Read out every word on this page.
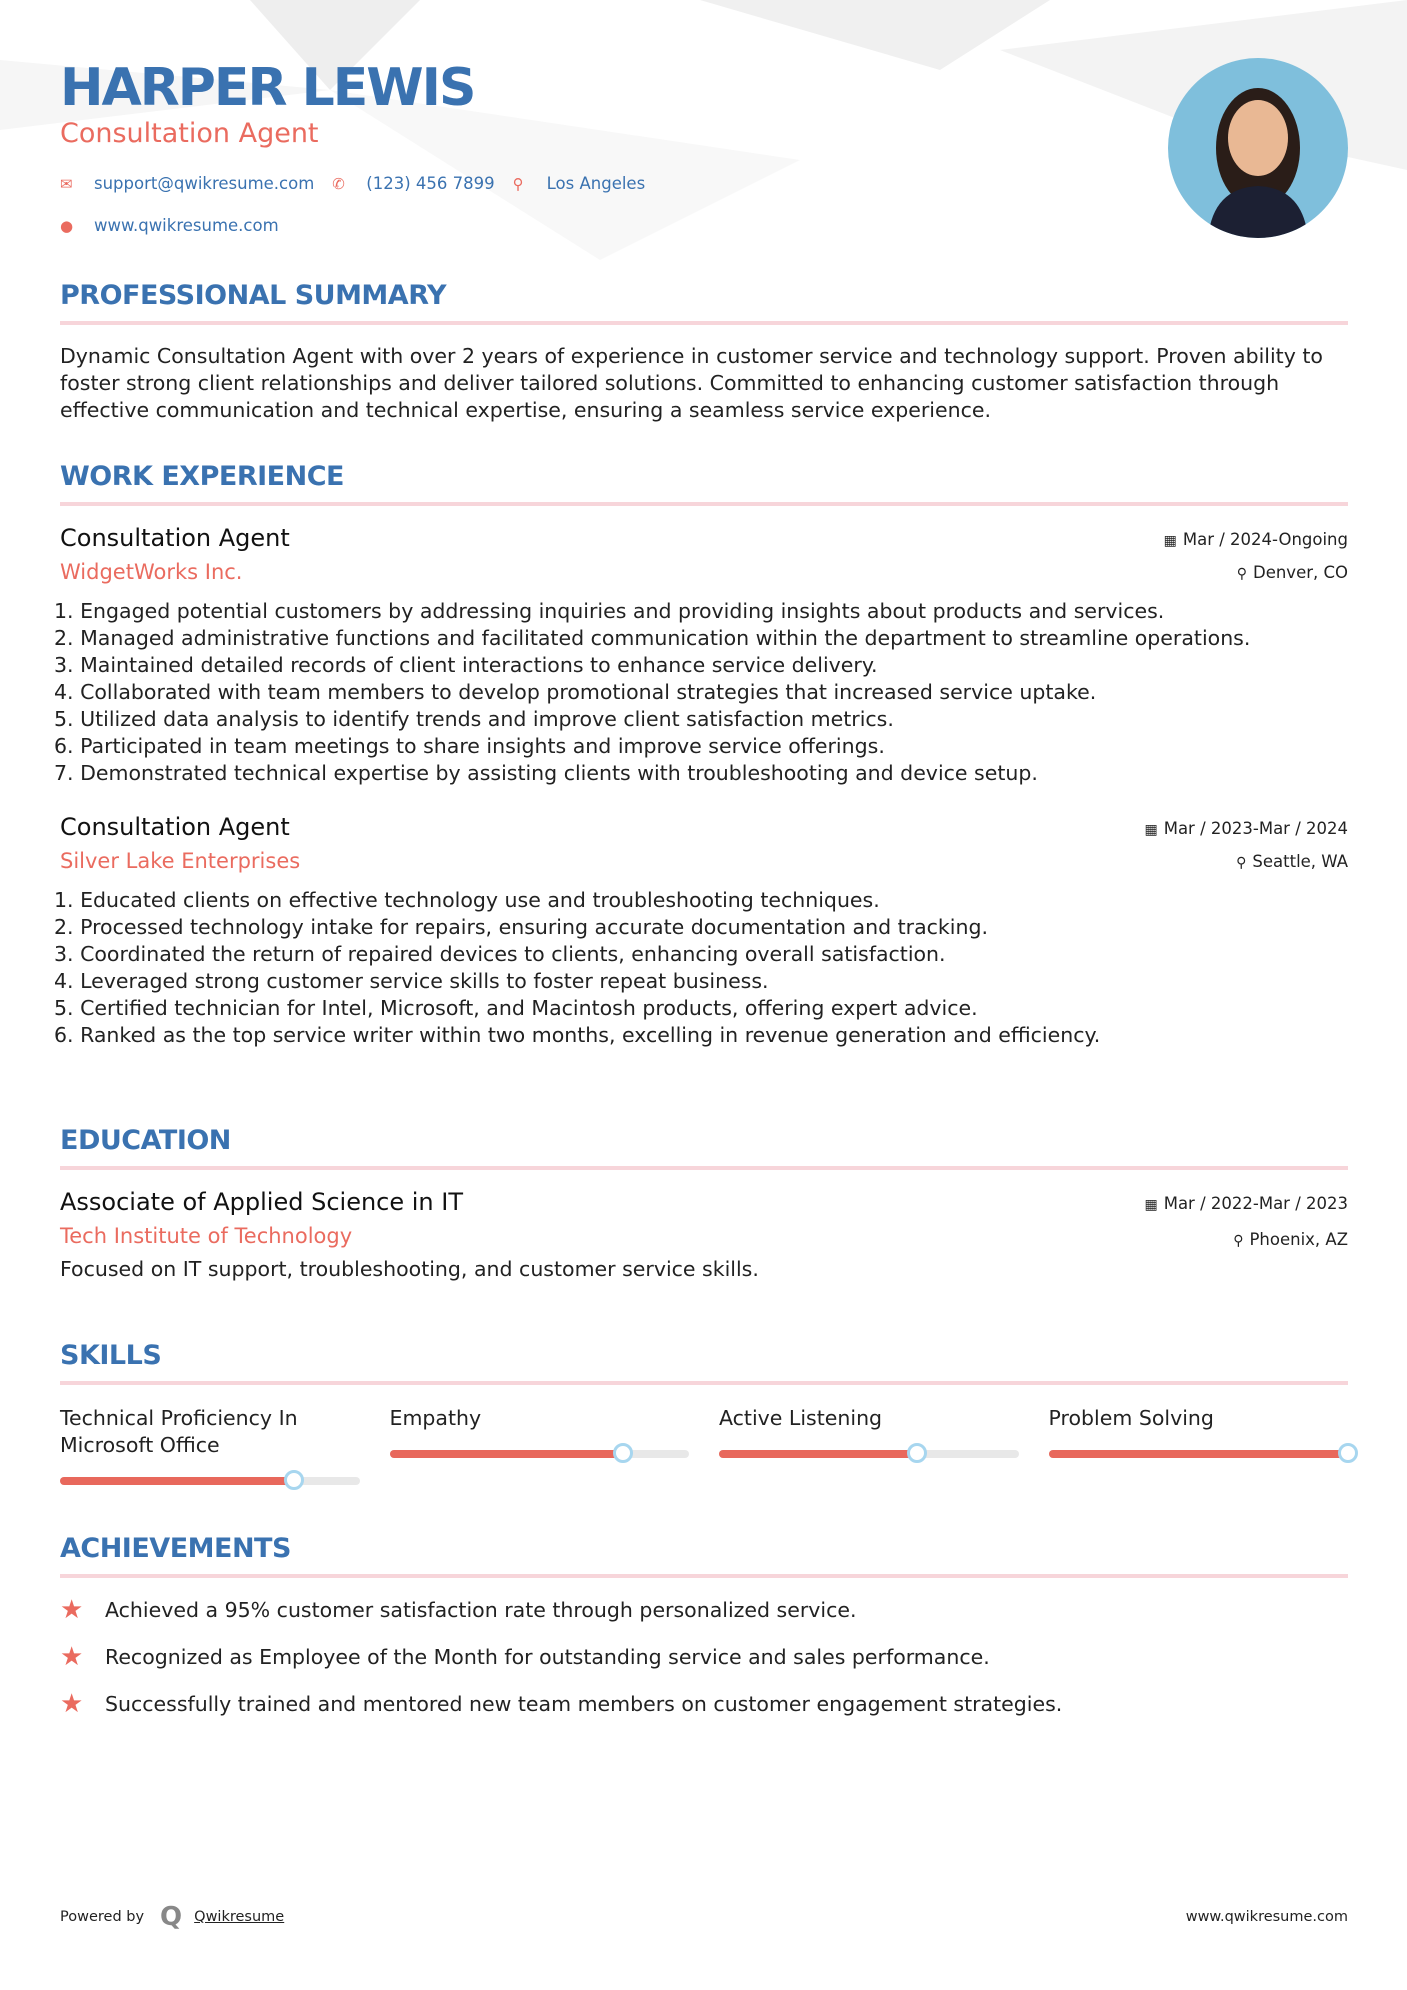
HARPER LEWIS
Consultation Agent
✉	support@qwikresume.com ✆	(123) 456 7899 ⚲	Los Angeles
●	www.qwikresume.com
PROFESSIONAL SUMMARY

Dynamic Consultation Agent with over 2 years of experience in customer service and technology support. Proven ability to foster strong client relationships and deliver tailored solutions. Committed to enhancing customer satisfaction through effective communication and technical expertise, ensuring a seamless service experience.

WORK EXPERIENCE
Consultation Agent
WidgetWorks Inc.
▦ Mar / 2024-Ongoing
⚲ Denver, CO
1. Engaged potential customers by addressing inquiries and providing insights about products and services.
2. Managed administrative functions and facilitated communication within the department to streamline operations.
3. Maintained detailed records of client interactions to enhance service delivery.
4. Collaborated with team members to develop promotional strategies that increased service uptake.
5. Utilized data analysis to identify trends and improve client satisfaction metrics.
6. Participated in team meetings to share insights and improve service offerings.
7. Demonstrated technical expertise by assisting clients with troubleshooting and device setup.
Consultation Agent
Silver Lake Enterprises
▦ Mar / 2023-Mar / 2024
⚲ Seattle, WA
1. Educated clients on effective technology use and troubleshooting techniques.
2. Processed technology intake for repairs, ensuring accurate documentation and tracking.
3. Coordinated the return of repaired devices to clients, enhancing overall satisfaction.
4. Leveraged strong customer service skills to foster repeat business.
5. Certified technician for Intel, Microsoft, and Macintosh products, offering expert advice.
6. Ranked as the top service writer within two months, excelling in revenue generation and efficiency.
EDUCATION
Associate of Applied Science in IT
Tech Institute of Technology
▦ Mar / 2022-Mar / 2023
⚲ Phoenix, AZ

Focused on IT support, troubleshooting, and customer service skills.

SKILLS
Technical Proficiency In Microsoft Office
Empathy	Active Listening	Problem Solving
ACHIEVEMENTS
★	Achieved a 95% customer satisfaction rate through personalized service.
★	Recognized as Employee of the Month for outstanding service and sales performance.
★	Successfully trained and mentored new team members on customer engagement strategies.
Powered by Q Qwikresume	www.qwikresume.com
